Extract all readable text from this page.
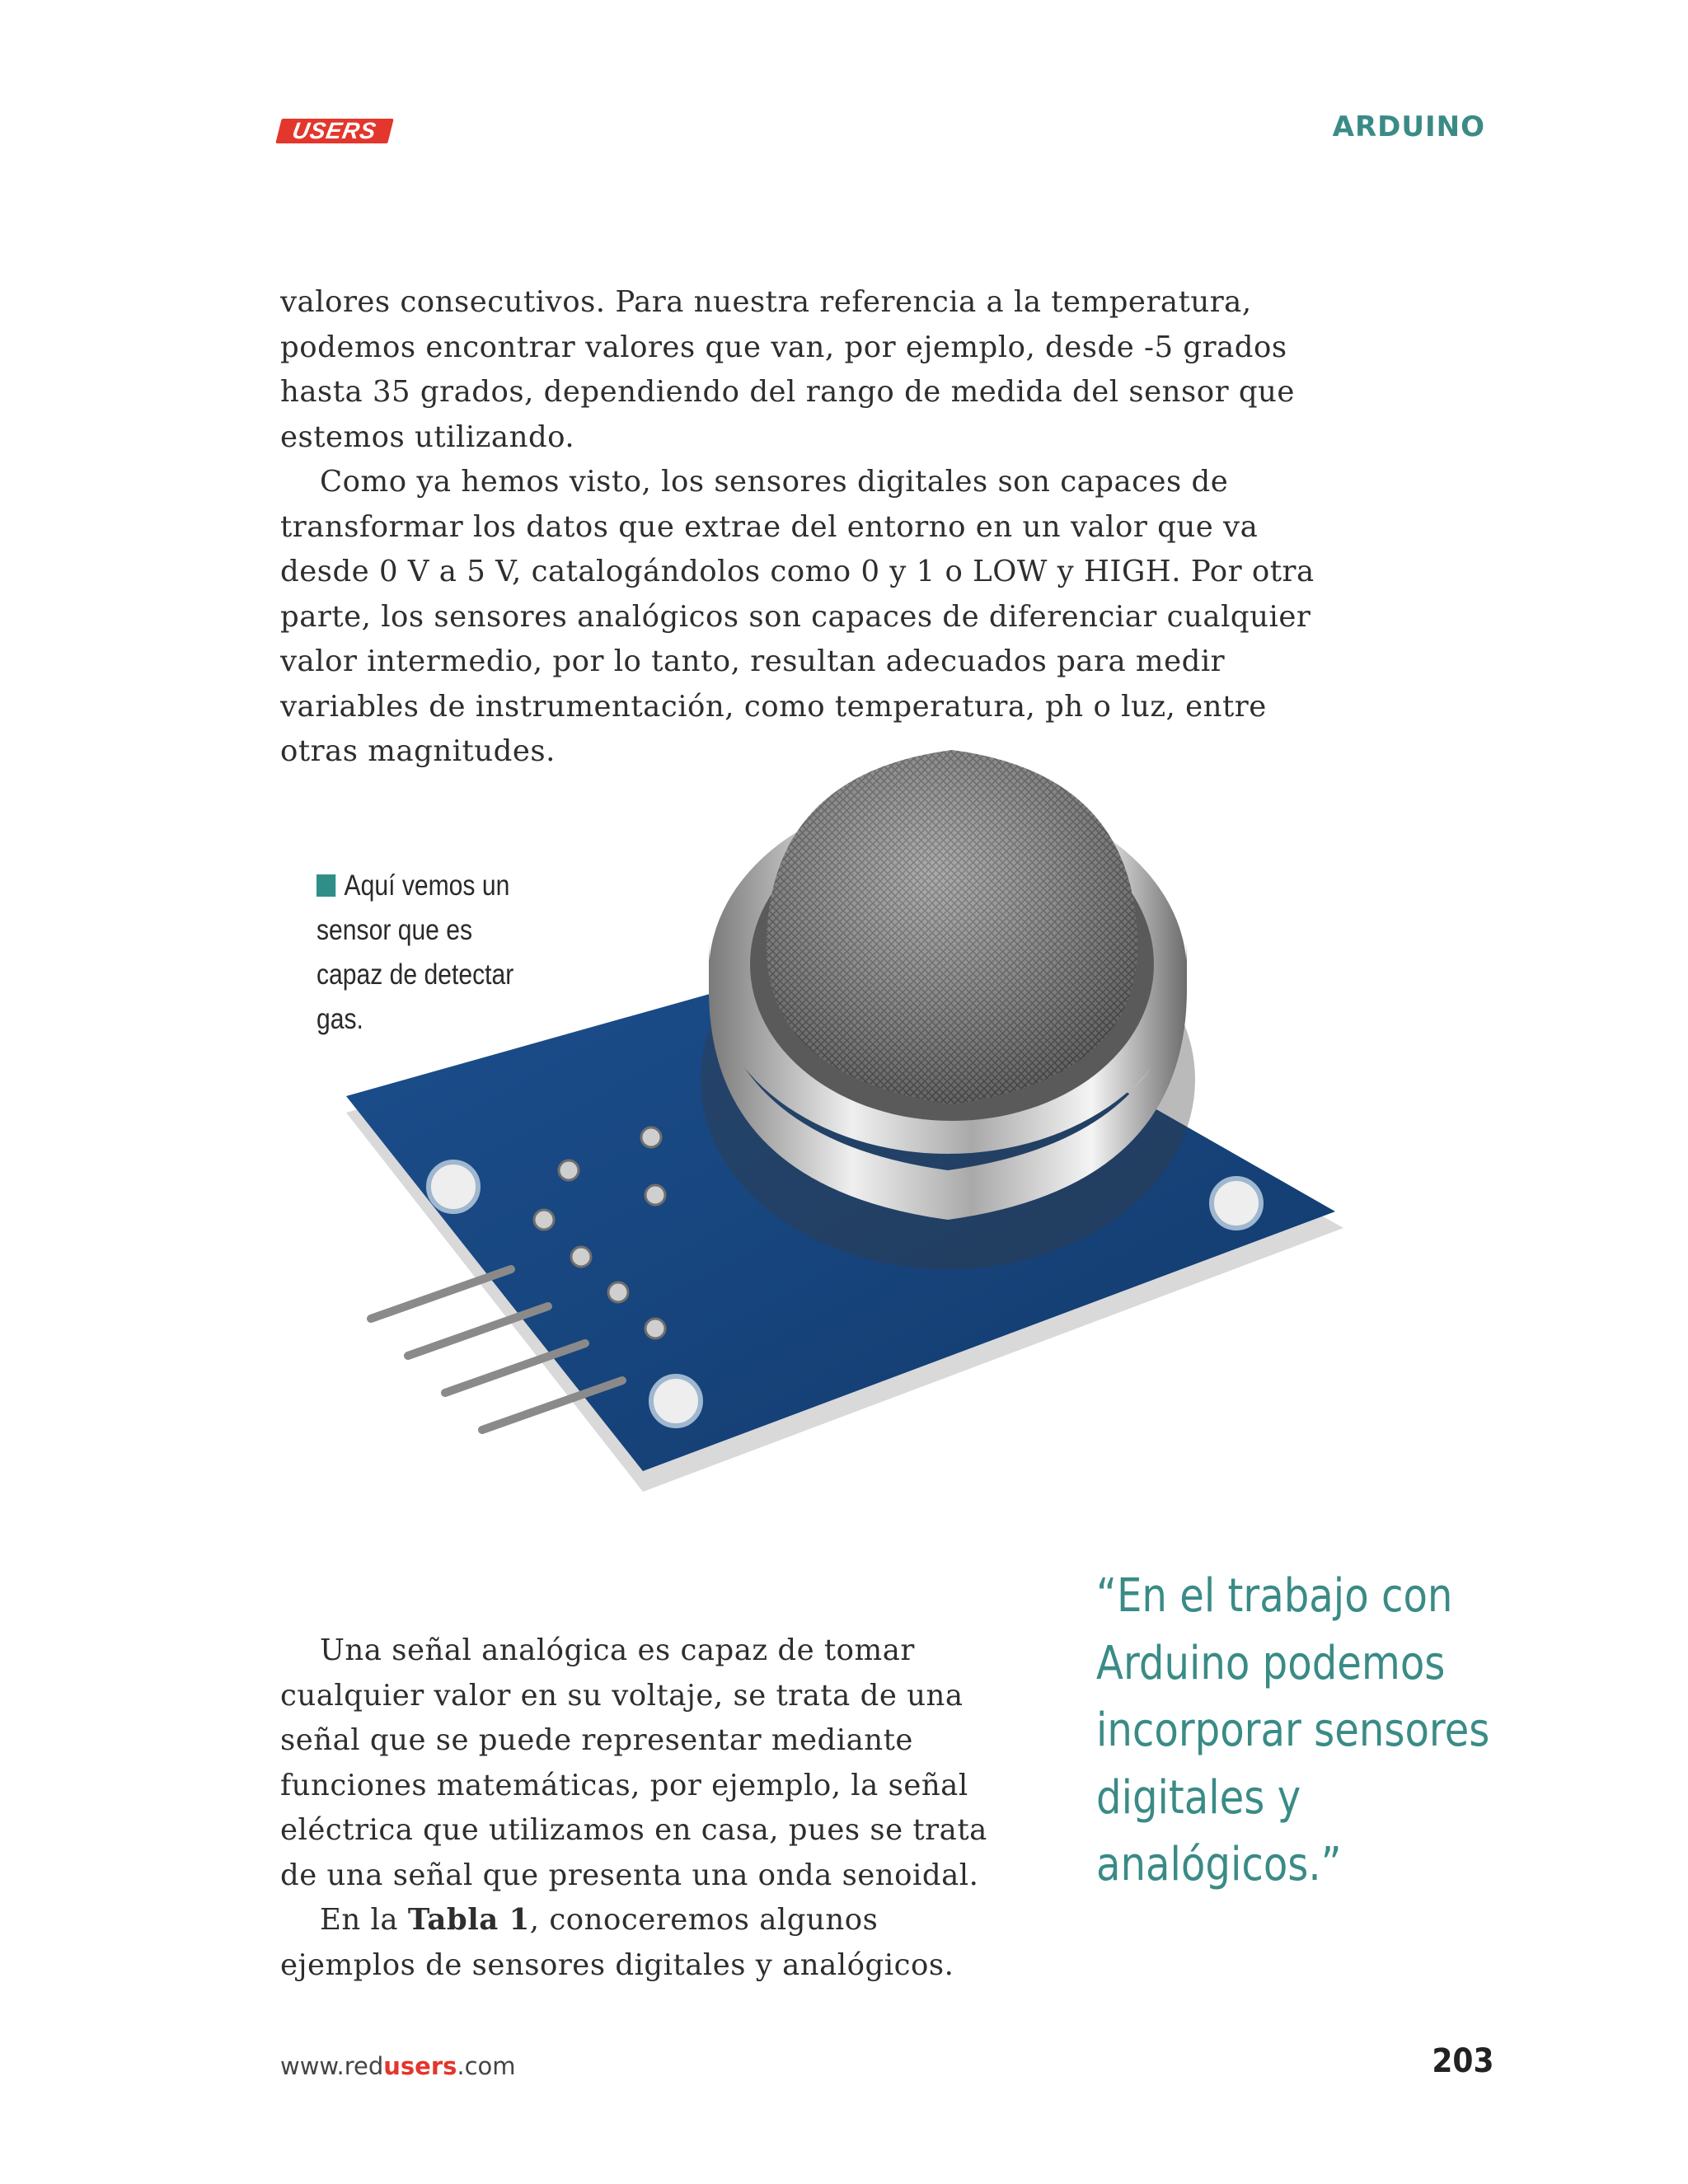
USERS	ARDUINO

valores consecutivos. Para nuestra referencia a la temperatura, podemos encontrar valores que van, por ejemplo, desde -5 grados hasta 35 grados, dependiendo del rango de medida del sensor que estemos utilizando.

Como ya hemos visto, los sensores digitales son capaces de transformar los datos que extrae del entorno en un valor que va desde 0 V a 5 V, catalogándolos como 0 y 1 o LOW y HIGH. Por otra parte, los sensores analógicos son capaces de diferenciar cualquier valor intermedio, por lo tanto, resultan adecuados para medir variables de instrumentación, como temperatura, ph o luz, entre otras magnitudes.

Aquí vemos un sensor que es capaz de detectar gas.

Una señal analógica es capaz de tomar cualquier valor en su voltaje, se trata de una señal que se puede representar mediante funciones matemáticas, por ejemplo, la señal eléctrica que utilizamos en casa, pues se trata de una señal que presenta una onda senoidal.

En la Tabla 1, conoceremos algunos ejemplos de sensores digitales y analógicos.

“En el trabajo con Arduino podemos incorporar sensores digitales y analógicos.”
www.redusers.com	203
